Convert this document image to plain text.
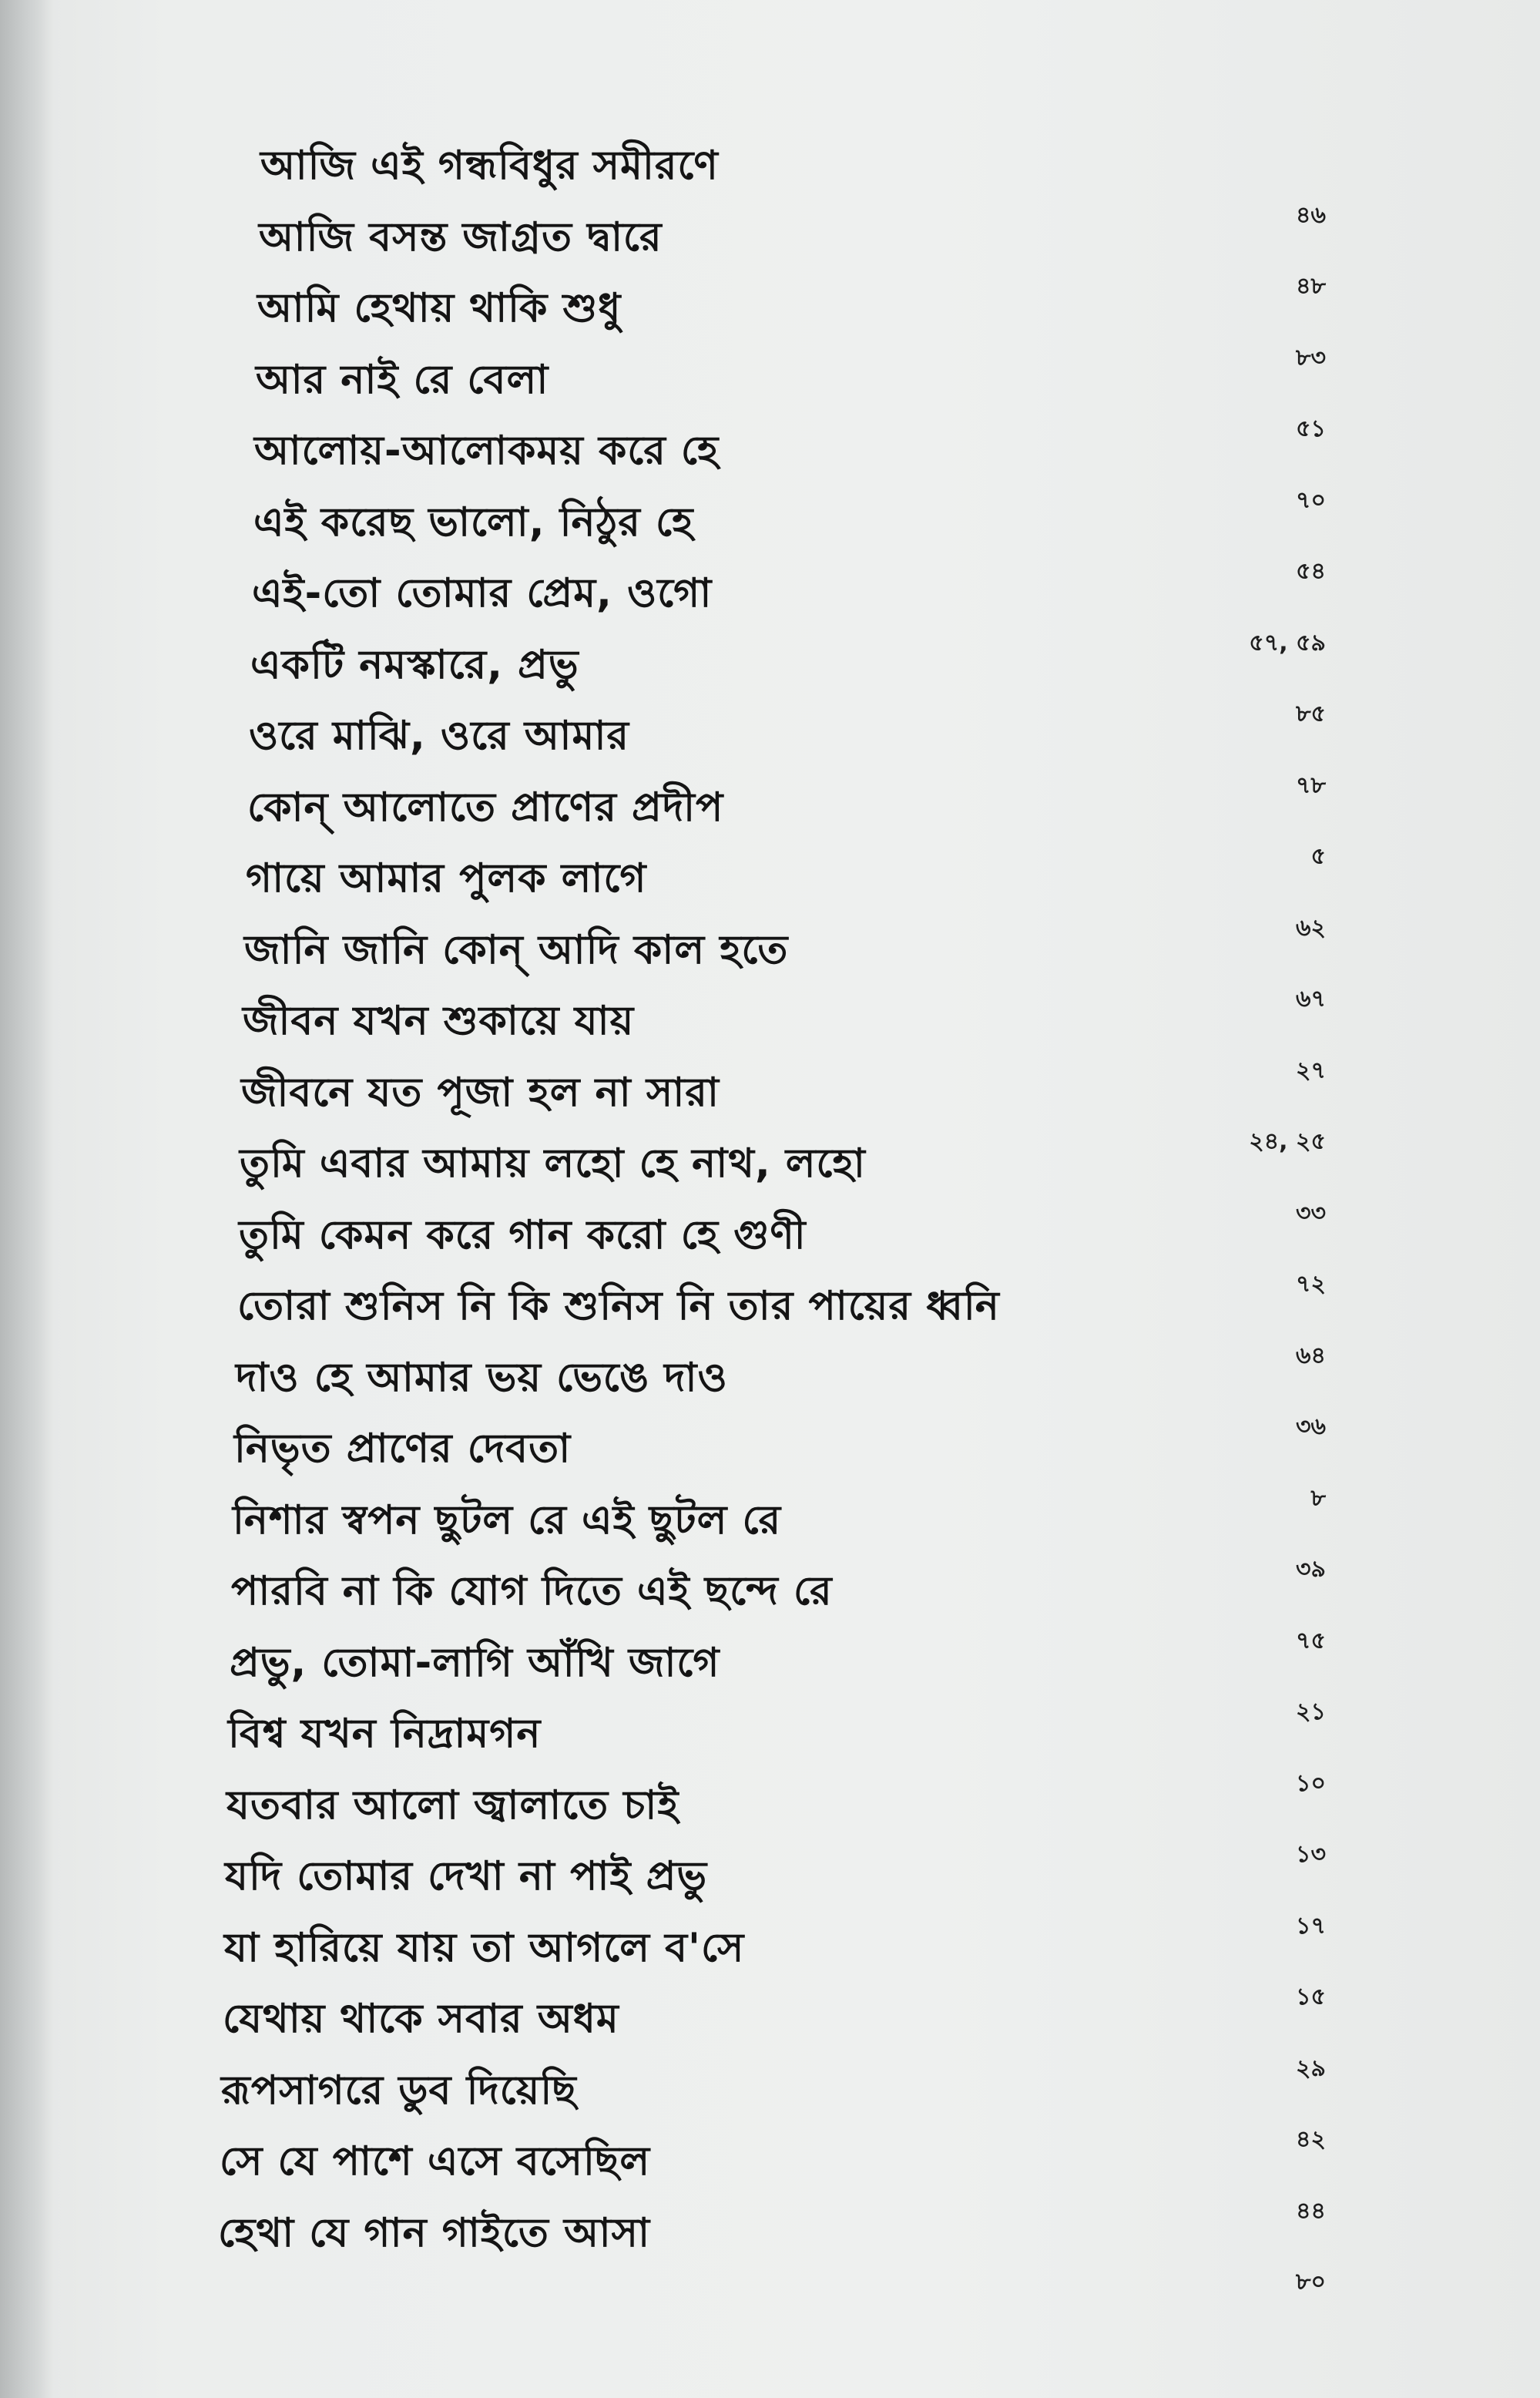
আজি এই গন্ধবিধুর সমীরণে
আজি বসন্ত জাগ্রত দ্বারে	৪৬
আমি হেথায় থাকি শুধু	৪৮
আর নাই রে বেলা	৮৩
আলোয়-আলোকময় করে হে	৫১
এই করেছ ভালো, নিঠুর হে	৭০
এই-তো তোমার প্রেম, ওগো	৫৪
একটি নমস্কারে, প্রভু	৫৭, ৫৯
ওরে মাঝি, ওরে আমার	৮৫
কোন্ আলোতে প্রাণের প্রদীপ	৭৮
গায়ে আমার পুলক লাগে	৫
জানি জানি কোন্ আদি কাল হতে	৬২
জীবন যখন শুকায়ে যায়	৬৭
জীবনে যত পূজা হল না সারা	২৭
তুমি এবার আমায় লহো হে নাথ, লহো	২৪, ২৫
তুমি কেমন করে গান করো হে গুণী	৩৩
তোরা শুনিস নি কি শুনিস নি তার পায়ের ধ্বনি	৭২
দাও হে আমার ভয় ভেঙে দাও	৬৪
নিভৃত প্রাণের দেবতা	৩৬
নিশার স্বপন ছুটল রে এই ছুটল রে	৮
পারবি না কি যোগ দিতে এই ছন্দে রে	৩৯
প্রভু, তোমা-লাগি আঁখি জাগে	৭৫
বিশ্ব যখন নিদ্রামগন	২১
যতবার আলো জ্বালাতে চাই	১০
যদি তোমার দেখা না পাই প্রভু	১৩
যা হারিয়ে যায় তা আগলে ব'সে	১৭
যেথায় থাকে সবার অধম	১৫
রূপসাগরে ডুব দিয়েছি	২৯
সে যে পাশে এসে বসেছিল	৪২
হেথা যে গান গাইতে আসা	৪৪
৮০
